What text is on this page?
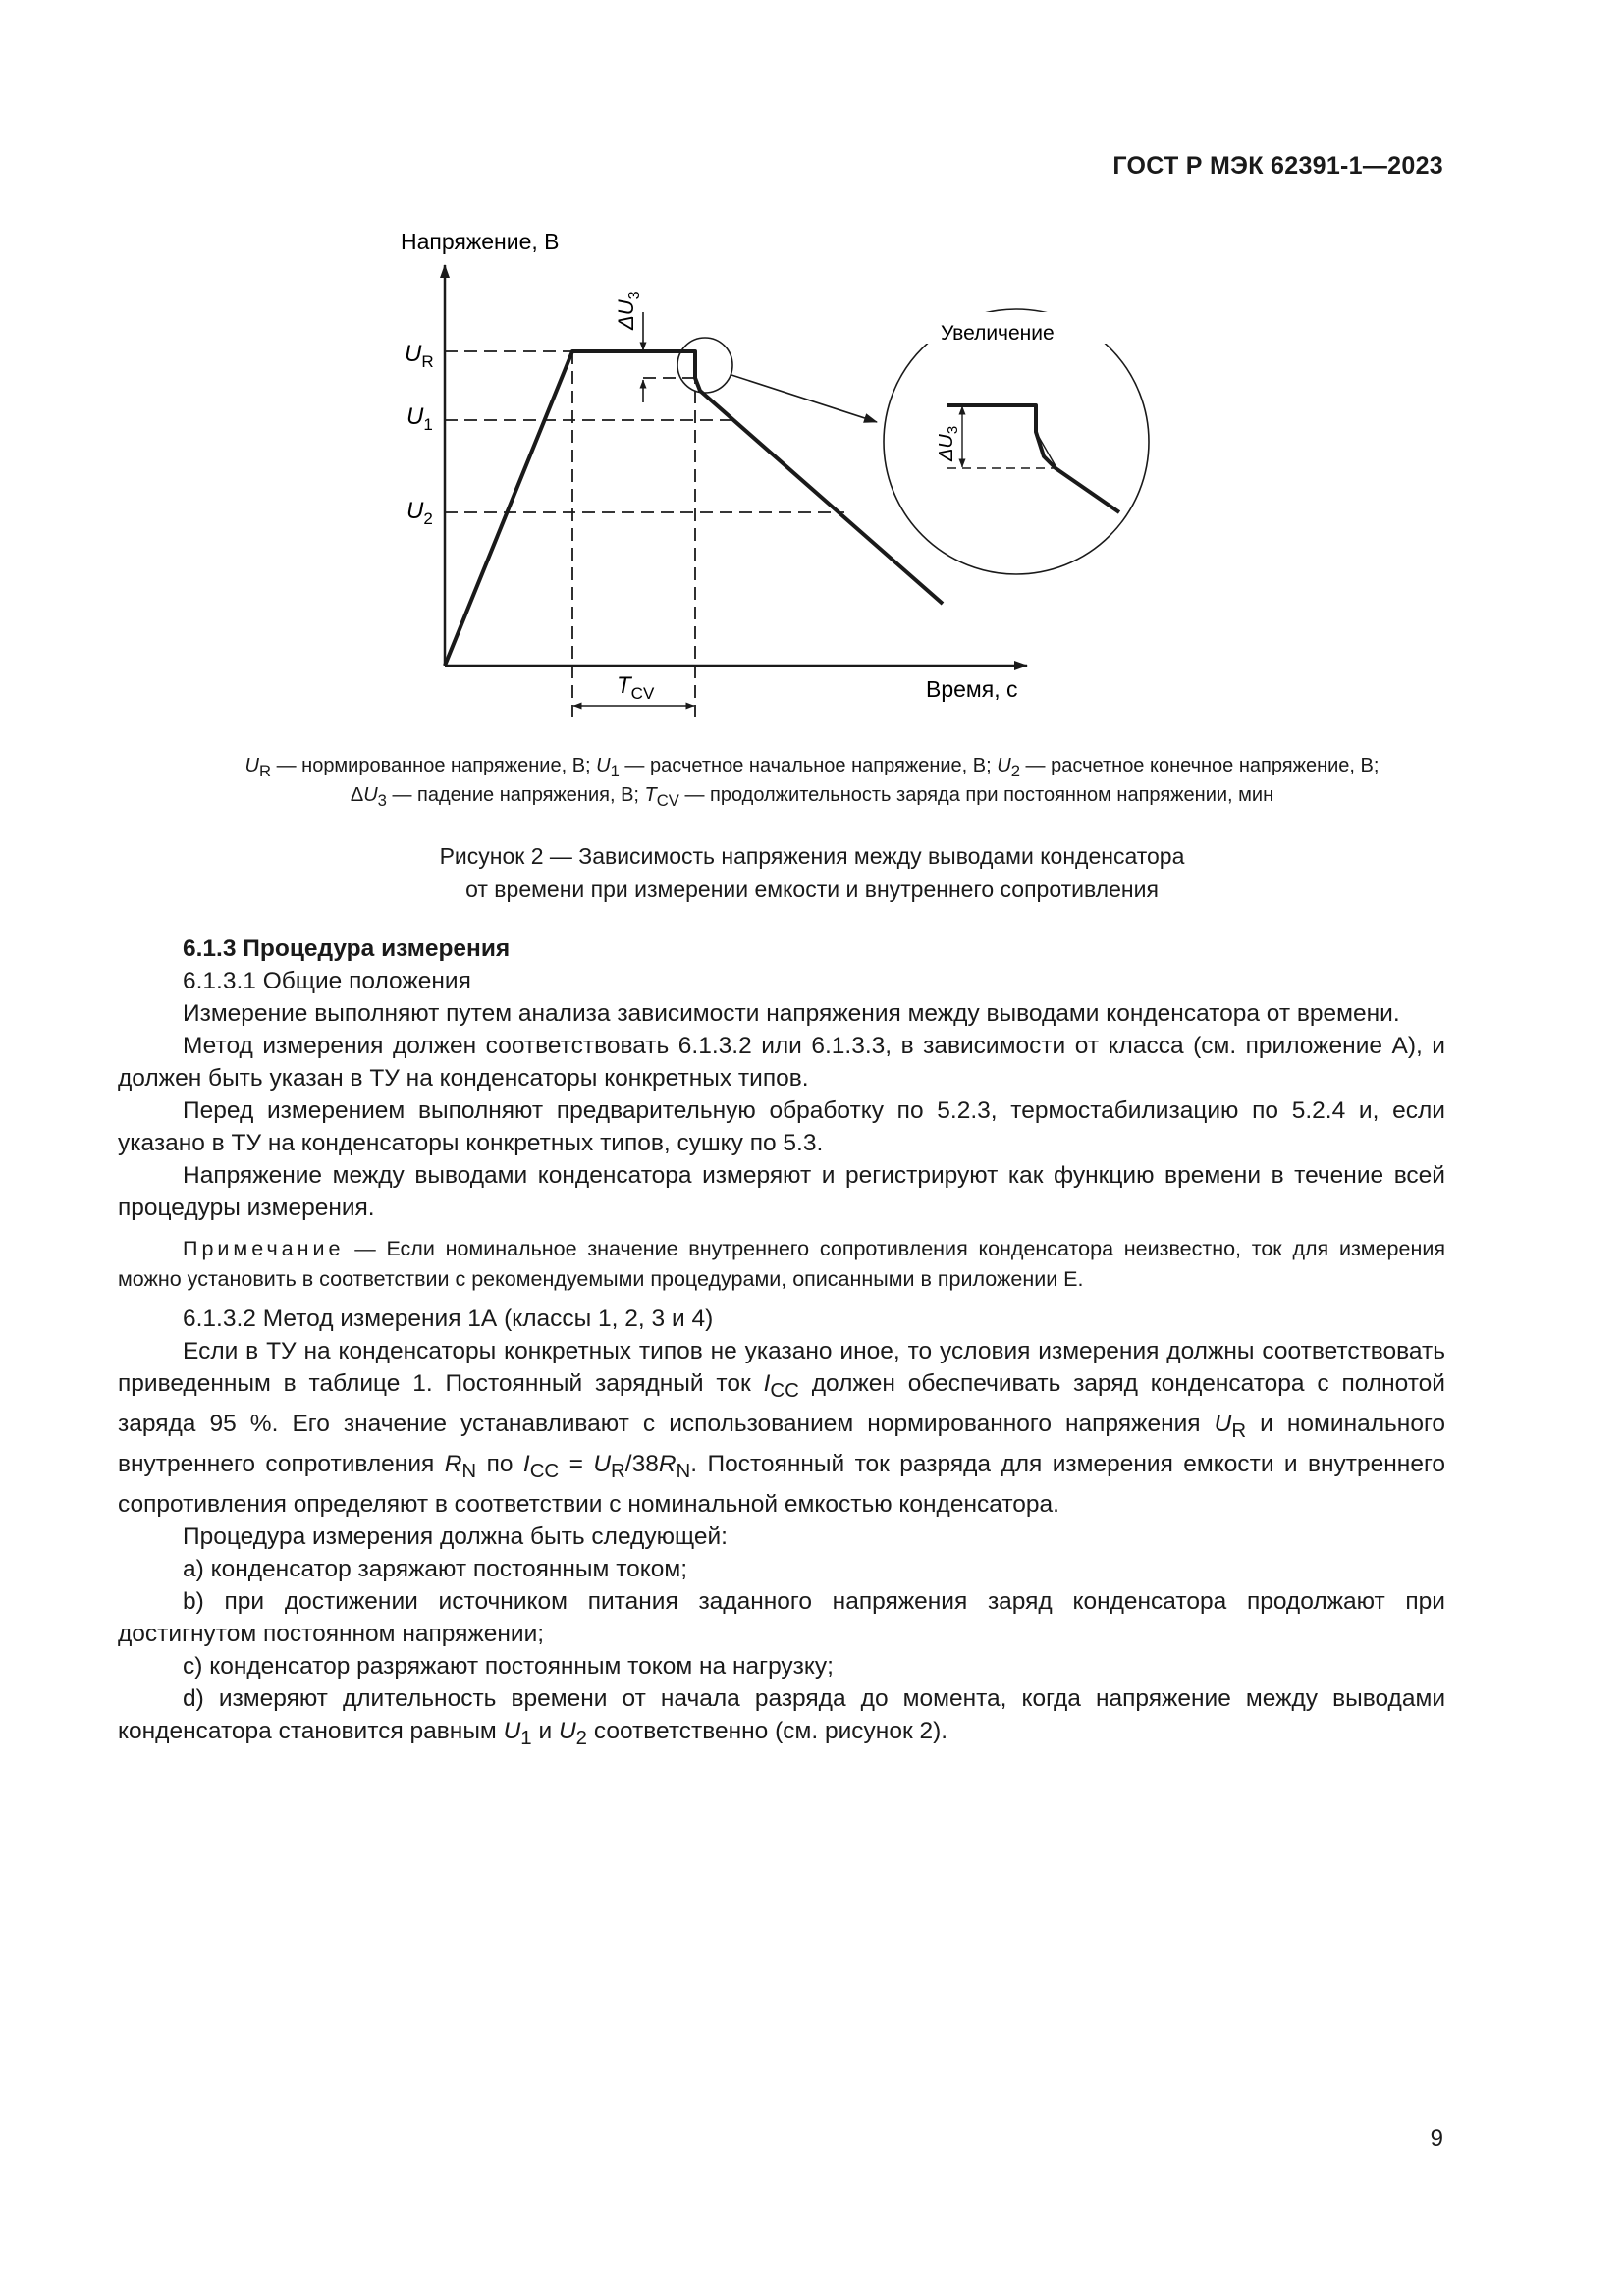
ГОСТ Р МЭК 62391-1—2023
Увеличение
Напряжение, В
Время, с
$U_R$
$U_1$
$U_2$
$T_{CV}$
$\Delta U_3$
$\Delta U_3$
$U_R$ — нормированное напряжение, В; $U_1$ — расчетное начальное напряжение, В; $U_2$ — расчетное конечное напряжение, В;
$\Delta U_3$ — падение напряжения, В; $T_{CV}$ — продолжительность заряда при постоянном напряжении, мин
Рисунок 2 — Зависимость напряжения между выводами конденсатора
от времени при измерении емкости и внутреннего сопротивления

6.1.3 Процедура измерения

6.1.3.1 Общие положения

Измерение выполняют путем анализа зависимости напряжения между выводами конденсатора от времени.

Метод измерения должен соответствовать 6.1.3.2 или 6.1.3.3, в зависимости от класса (см. приложение А), и должен быть указан в ТУ на конденсаторы конкретных типов.

Перед измерением выполняют предварительную обработку по 5.2.3, термостабилизацию по 5.2.4 и, если указано в ТУ на конденсаторы конкретных типов, сушку по 5.3.

Напряжение между выводами конденсатора измеряют и регистрируют как функцию времени в течение всей процедуры измерения.

Примечание — Если номинальное значение внутреннего сопротивления конденсатора неизвестно, ток для измерения можно установить в соответствии с рекомендуемыми процедурами, описанными в приложении Е.

6.1.3.2 Метод измерения 1А (классы 1, 2, 3 и 4)

Если в ТУ на конденсаторы конкретных типов не указано иное, то условия измерения должны соответствовать приведенным в таблице 1. Постоянный зарядный ток $I_{CC}$ должен обеспечивать заряд конденсатора с полнотой заряда 95 %. Его значение устанавливают с использованием нормированного напряжения $U_R$ и номинального внутреннего сопротивления $R_N$ по $I_{CC} = U_R/38R_N$. Постоянный ток разряда для измерения емкости и внутреннего сопротивления определяют в соответствии с номинальной емкостью конденсатора.

Процедура измерения должна быть следующей:

a) конденсатор заряжают постоянным током;

b) при достижении источником питания заданного напряжения заряд конденсатора продолжают при достигнутом постоянном напряжении;

c) конденсатор разряжают постоянным током на нагрузку;

d) измеряют длительность времени от начала разряда до момента, когда напряжение между выводами конденсатора становится равным $U_1$ и $U_2$ соответственно (см. рисунок 2).

9
